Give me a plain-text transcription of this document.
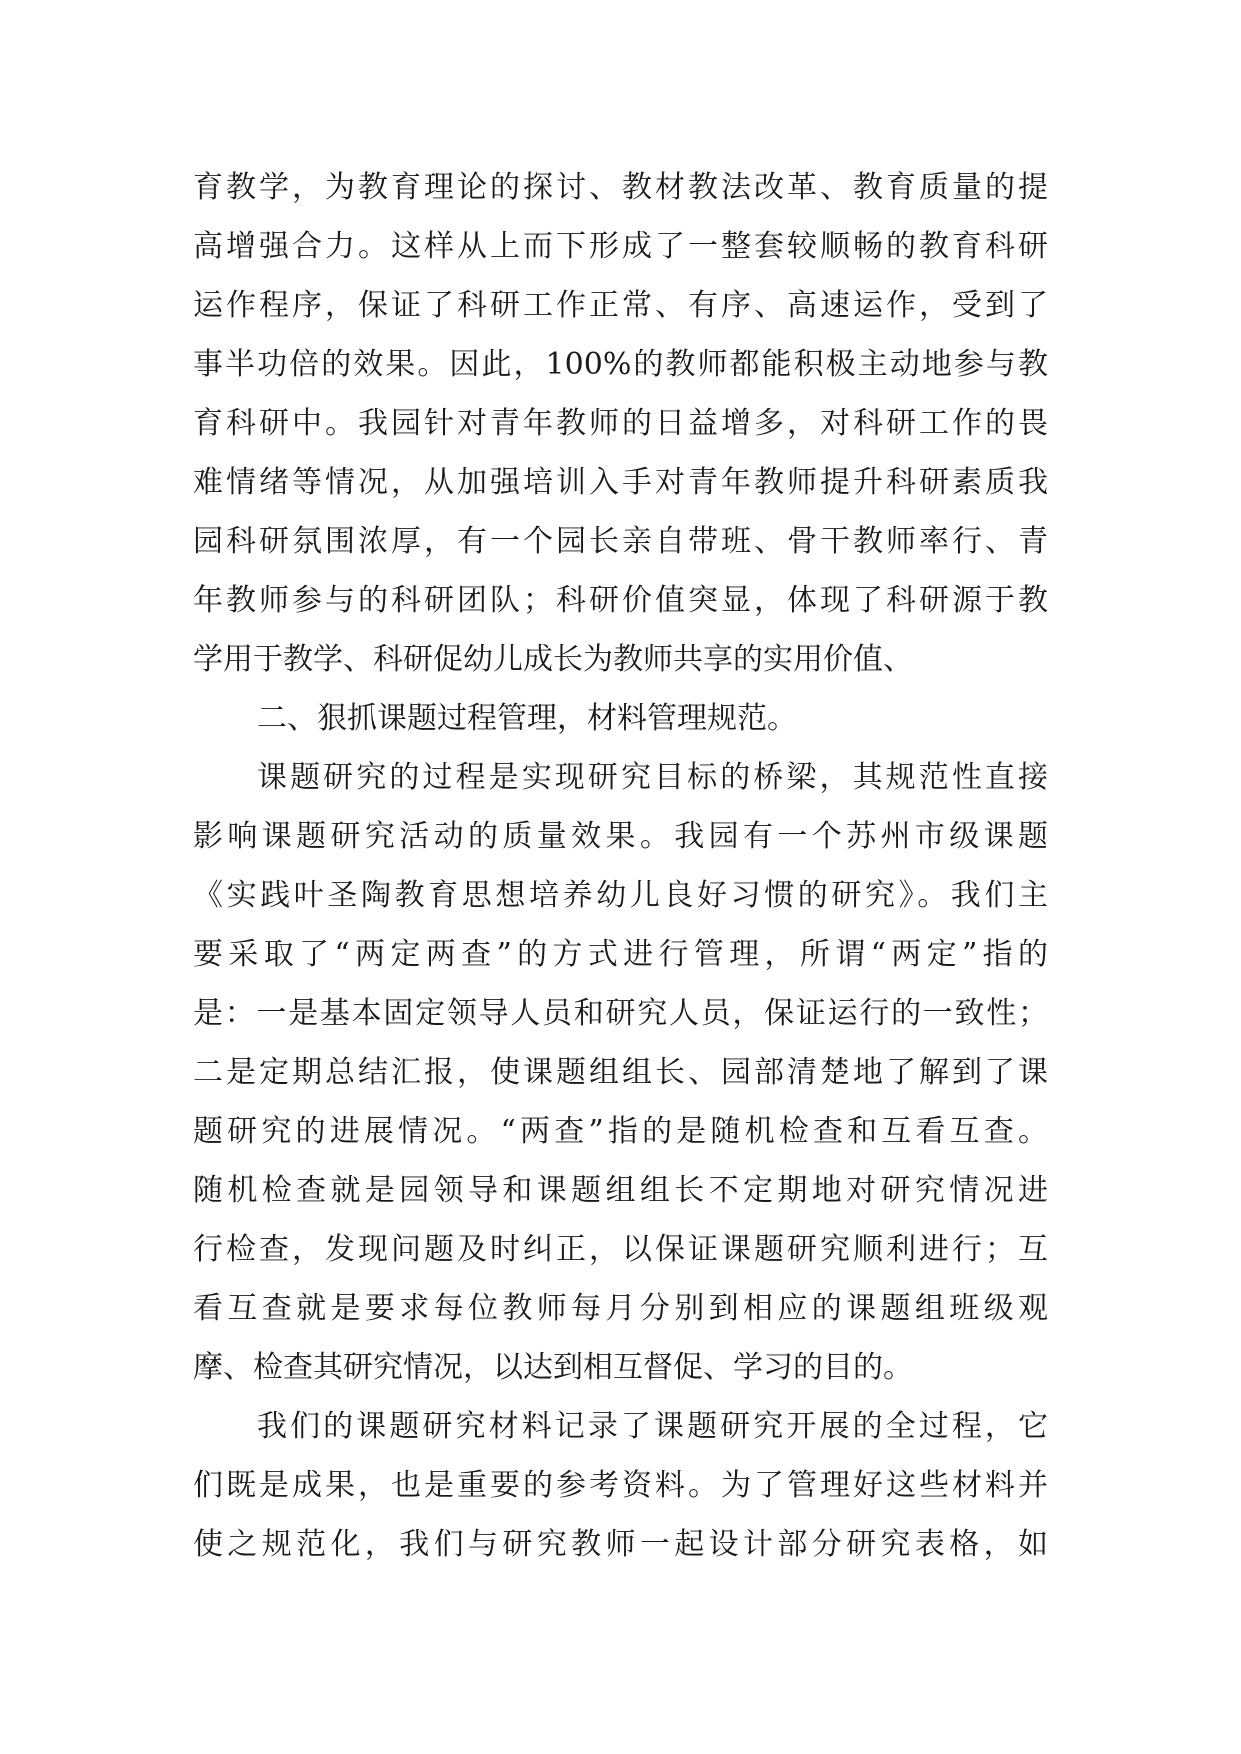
育教学，为教育理论的探讨、教材教法改革、教育质量的提
高增强合力。这样从上而下形成了一整套较顺畅的教育科研
运作程序，保证了科研工作正常、有序、高速运作，受到了
事半功倍的效果。因此，100%的教师都能积极主动地参与教
育科研中。我园针对青年教师的日益增多，对科研工作的畏
难情绪等情况，从加强培训入手对青年教师提升科研素质我
园科研氛围浓厚，有一个园长亲自带班、骨干教师率行、青
年教师参与的科研团队；科研价值突显，体现了科研源于教
学用于教学、科研促幼儿成长为教师共享的实用价值、
二、狠抓课题过程管理，材料管理规范。
课题研究的过程是实现研究目标的桥梁，其规范性直接
影响课题研究活动的质量效果。我园有一个苏州市级课题
《实践叶圣陶教育思想培养幼儿良好习惯的研究》。我们主
要采取了“两定两查”的方式进行管理，所谓“两定”指的
是：一是基本固定领导人员和研究人员，保证运行的一致性；
二是定期总结汇报，使课题组组长、园部清楚地了解到了课
题研究的进展情况。“两查”指的是随机检查和互看互查。
随机检查就是园领导和课题组组长不定期地对研究情况进
行检查，发现问题及时纠正，以保证课题研究顺利进行；互
看互查就是要求每位教师每月分别到相应的课题组班级观
摩、检查其研究情况，以达到相互督促、学习的目的。
我们的课题研究材料记录了课题研究开展的全过程，它
们既是成果，也是重要的参考资料。为了管理好这些材料并
使之规范化，我们与研究教师一起设计部分研究表格，如
